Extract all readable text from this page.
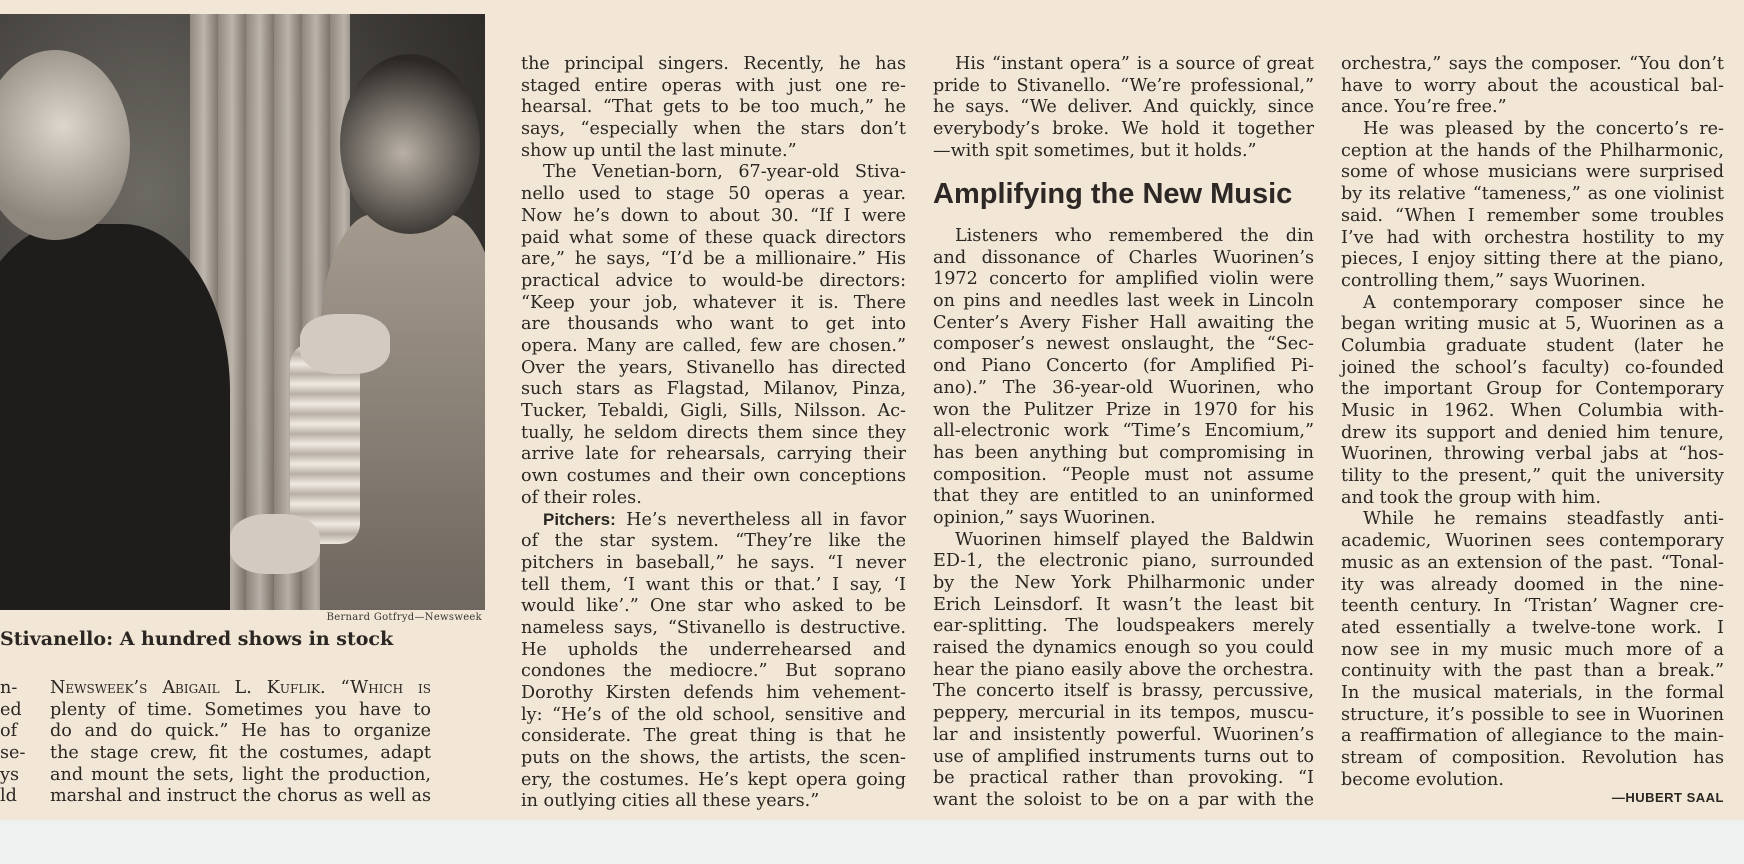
Bernard Gotfryd—Newsweek
Stivanello: A hundred shows in stock
n-
ed
of
se-
ys
ld
Newsweek’s Abigail L. Kuflik. “Which is
plenty of time. Sometimes you have to
do and do quick.” He has to organize
the stage crew, fit the costumes, adapt
and mount the sets, light the production,
marshal and instruct the chorus as well as
the principal singers. Recently, he has
staged entire operas with just one re-
hearsal. “That gets to be too much,” he
says, “especially when the stars don’t
show up until the last minute.”
The Venetian-born, 67-year-old Stiva-
nello used to stage 50 operas a year.
Now he’s down to about 30. “If I were
paid what some of these quack directors
are,” he says, “I’d be a millionaire.” His
practical advice to would-be directors:
“Keep your job, whatever it is. There
are thousands who want to get into
opera. Many are called, few are chosen.”
Over the years, Stivanello has directed
such stars as Flagstad, Milanov, Pinza,
Tucker, Tebaldi, Gigli, Sills, Nilsson. Ac-
tually, he seldom directs them since they
arrive late for rehearsals, carrying their
own costumes and their own conceptions
of their roles.
Pitchers: He’s nevertheless all in favor
of the star system. “They’re like the
pitchers in baseball,” he says. “I never
tell them, ‘I want this or that.’ I say, ‘I
would like’.” One star who asked to be
nameless says, “Stivanello is destructive.
He upholds the underrehearsed and
condones the mediocre.” But soprano
Dorothy Kirsten defends him vehement-
ly: “He’s of the old school, sensitive and
considerate. The great thing is that he
puts on the shows, the artists, the scen-
ery, the costumes. He’s kept opera going
in outlying cities all these years.”
His “instant opera” is a source of great
pride to Stivanello. “We’re professional,”
he says. “We deliver. And quickly, since
everybody’s broke. We hold it together
—with spit sometimes, but it holds.”
Amplifying the New Music
Listeners who remembered the din
and dissonance of Charles Wuorinen’s
1972 concerto for amplified violin were
on pins and needles last week in Lincoln
Center’s Avery Fisher Hall awaiting the
composer’s newest onslaught, the “Sec-
ond Piano Concerto (for Amplified Pi-
ano).” The 36-year-old Wuorinen, who
won the Pulitzer Prize in 1970 for his
all-electronic work “Time’s Encomium,”
has been anything but compromising in
composition. “People must not assume
that they are entitled to an uninformed
opinion,” says Wuorinen.
Wuorinen himself played the Baldwin
ED-1, the electronic piano, surrounded
by the New York Philharmonic under
Erich Leinsdorf. It wasn’t the least bit
ear-splitting. The loudspeakers merely
raised the dynamics enough so you could
hear the piano easily above the orchestra.
The concerto itself is brassy, percussive,
peppery, mercurial in its tempos, muscu-
lar and insistently powerful. Wuorinen’s
use of amplified instruments turns out to
be practical rather than provoking. “I
want the soloist to be on a par with the
orchestra,” says the composer. “You don’t
have to worry about the acoustical bal-
ance. You’re free.”
He was pleased by the concerto’s re-
ception at the hands of the Philharmonic,
some of whose musicians were surprised
by its relative “tameness,” as one violinist
said. “When I remember some troubles
I’ve had with orchestra hostility to my
pieces, I enjoy sitting there at the piano,
controlling them,” says Wuorinen.
A contemporary composer since he
began writing music at 5, Wuorinen as a
Columbia graduate student (later he
joined the school’s faculty) co-founded
the important Group for Contemporary
Music in 1962. When Columbia with-
drew its support and denied him tenure,
Wuorinen, throwing verbal jabs at “hos-
tility to the present,” quit the university
and took the group with him.
While he remains steadfastly anti-
academic, Wuorinen sees contemporary
music as an extension of the past. “Tonal-
ity was already doomed in the nine-
teenth century. In ‘Tristan’ Wagner cre-
ated essentially a twelve-tone work. I
now see in my music much more of a
continuity with the past than a break.”
In the musical materials, in the formal
structure, it’s possible to see in Wuorinen
a reaffirmation of allegiance to the main-
stream of composition. Revolution has
become evolution.
—HUBERT SAAL
